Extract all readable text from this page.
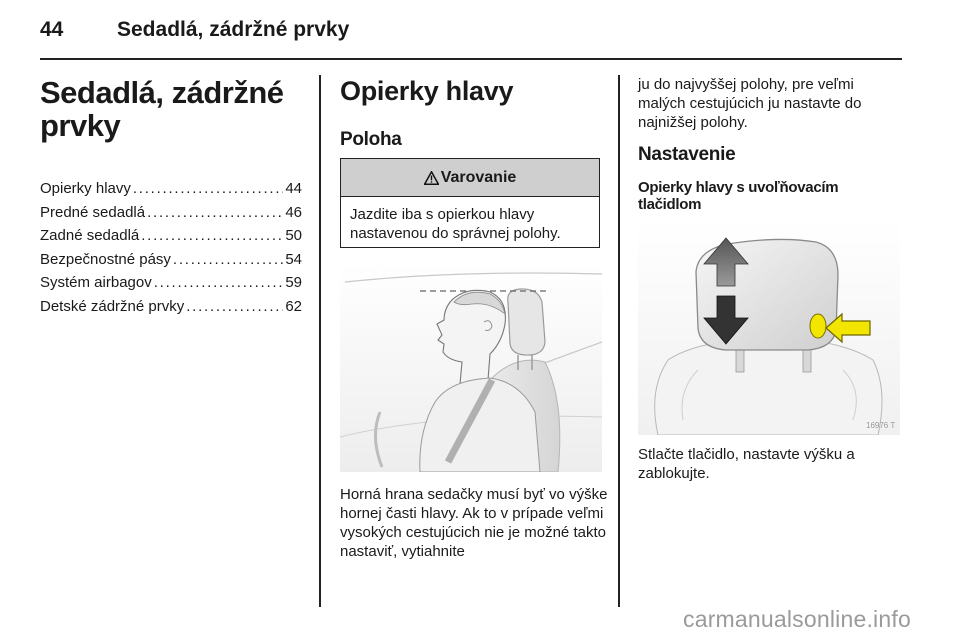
44	Sedadlá, zádržné prvky
Sedadlá, zádržné prvky
Opierky hlavy . . .	44
Predné sedadlá . . .	46
Zadné sedadlá . . .	50
Bezpečnostné pásy . . .	54
Systém airbagov . . .	59
Detské zádržné prvky . . .	62
Opierky hlavy
Poloha
Varovanie
Jazdite iba s opierkou hlavy nastavenou do správnej polohy.
Horná hrana sedačky musí byť vo výške hornej časti hlavy. Ak to v prípade veľmi vysokých cestujúcich nie je možné takto nastaviť, vytiahnite
ju do najvyššej polohy, pre veľmi malých cestujúcich ju nastavte do najnižšej polohy.
Nastavenie
Opierky hlavy s uvoľňovacím tlačidlom
16976 T
Stlačte tlačidlo, nastavte výšku a zablokujte.
carmanualsonline.info
